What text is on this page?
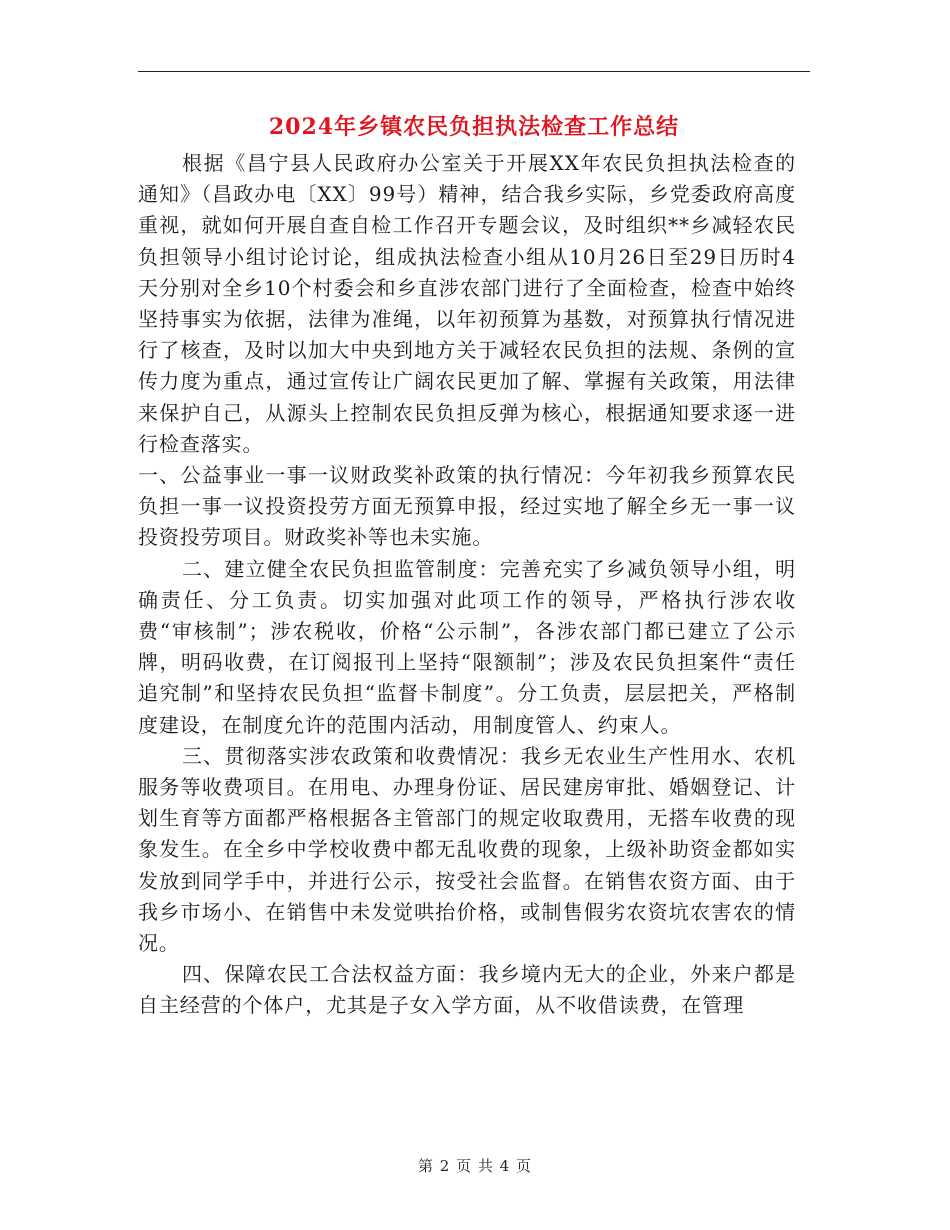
2024年乡镇农民负担执法检查工作总结

根据《昌宁县人民政府办公室关于开展XX年农民负担执法检查的通知》（昌政办电〔XX〕99号）精神，结合我乡实际，乡党委政府高度重视，就如何开展自查自检工作召开专题会议，及时组织**乡减轻农民负担领导小组讨论讨论，组成执法检查小组从10月26日至29日历时4天分别对全乡10个村委会和乡直涉农部门进行了全面检查，检查中始终坚持事实为依据，法律为准绳，以年初预算为基数，对预算执行情况进行了核查，及时以加大中央到地方关于减轻农民负担的法规、条例的宣传力度为重点，通过宣传让广阔农民更加了解、掌握有关政策，用法律来保护自己，从源头上控制农民负担反弹为核心，根据通知要求逐一进行检查落实。

一、公益事业一事一议财政奖补政策的执行情况：今年初我乡预算农民负担一事一议投资投劳方面无预算申报，经过实地了解全乡无一事一议投资投劳项目。财政奖补等也未实施。

二、建立健全农民负担监管制度：完善充实了乡减负领导小组，明确责任、分工负责。切实加强对此项工作的领导，严格执行涉农收费“审核制”；涉农税收，价格“公示制”，各涉农部门都已建立了公示牌，明码收费，在订阅报刊上坚持“限额制”；涉及农民负担案件“责任追究制”和坚持农民负担“监督卡制度”。分工负责，层层把关，严格制度建设，在制度允许的范围内活动，用制度管人、约束人。

三、贯彻落实涉农政策和收费情况：我乡无农业生产性用水、农机服务等收费项目。在用电、办理身份证、居民建房审批、婚姻登记、计划生育等方面都严格根据各主管部门的规定收取费用，无搭车收费的现象发生。在全乡中学校收费中都无乱收费的现象，上级补助资金都如实发放到同学手中，并进行公示，按受社会监督。在销售农资方面、由于我乡市场小、在销售中未发觉哄抬价格，或制售假劣农资坑农害农的情况。

四、保障农民工合法权益方面：我乡境内无大的企业，外来户都是自主经营的个体户，尤其是子女入学方面，从不收借读费，在管理

第 2 页 共 4 页
